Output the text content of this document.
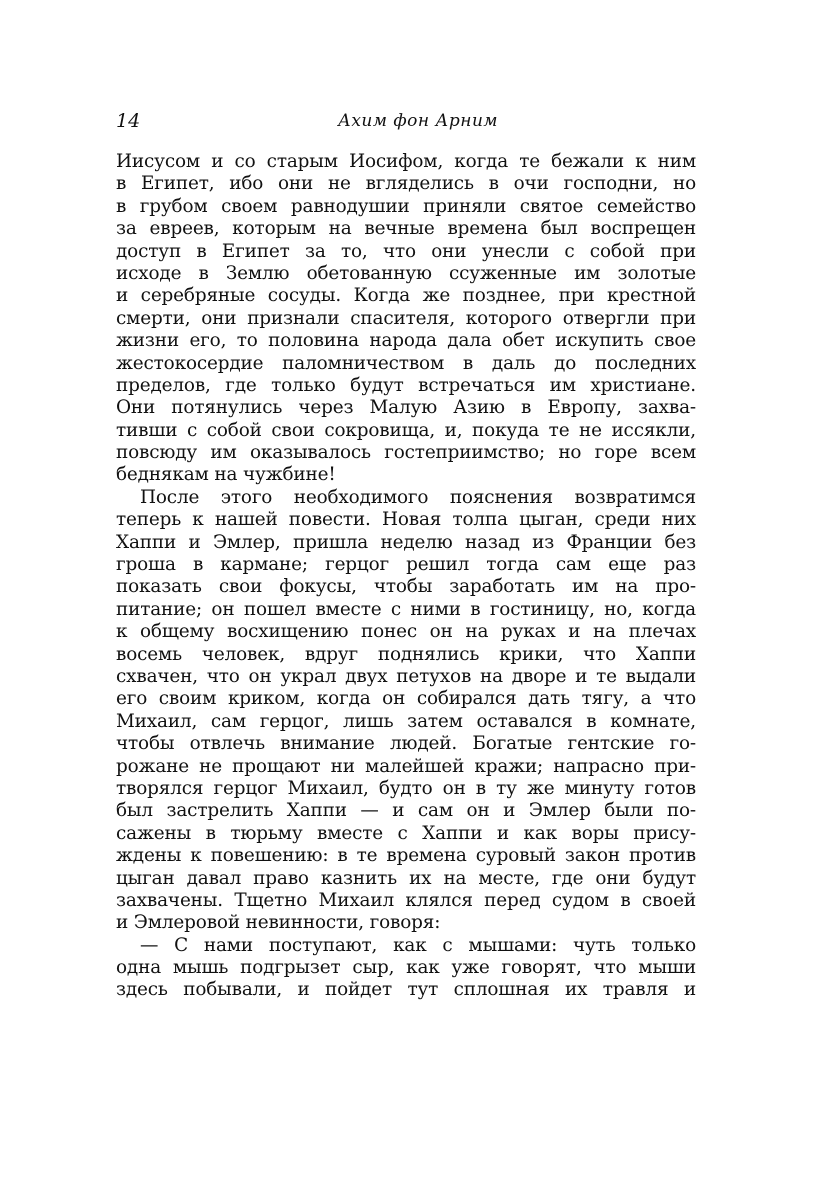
14	Ахим фон Арним
Иисусом и со старым Иосифом, когда те бежали к ним
в Египет, ибо они не вгляделись в очи господни, но
в грубом своем равнодушии приняли святое семейство
за евреев, которым на вечные времена был воспрещен
доступ в Египет за то, что они унесли с собой при
исходе в Землю обетованную ссуженные им золотые
и серебряные сосуды. Когда же позднее, при крестной
смерти, они признали спасителя, которого отвергли при
жизни его, то половина народа дала обет искупить свое
жестокосердие паломничеством в даль до последних
пределов, где только будут встречаться им христиане.
Они потянулись через Малую Азию в Европу, захва-
тивши с собой свои сокровища, и, покуда те не иссякли,
повсюду им оказывалось гостеприимство; но горе всем
беднякам на чужбине!
После этого необходимого пояснения возвратимся
теперь к нашей повести. Новая толпа цыган, среди них
Хаппи и Эмлер, пришла неделю назад из Франции без
гроша в кармане; герцог решил тогда сам еще раз
показать свои фокусы, чтобы заработать им на про-
питание; он пошел вместе с ними в гостиницу, но, когда
к общему восхищению понес он на руках и на плечах
восемь человек, вдруг поднялись крики, что Хаппи
схвачен, что он украл двух петухов на дворе и те выдали
его своим криком, когда он собирался дать тягу, а что
Михаил, сам герцог, лишь затем оставался в комнате,
чтобы отвлечь внимание людей. Богатые гентские го-
рожане не прощают ни малейшей кражи; напрасно при-
творялся герцог Михаил, будто он в ту же минуту готов
был застрелить Хаппи — и сам он и Эмлер были по-
сажены в тюрьму вместе с Хаппи и как воры прису-
ждены к повешению: в те времена суровый закон против
цыган давал право казнить их на месте, где они будут
захвачены. Тщетно Михаил клялся перед судом в своей
и Эмлеровой невинности, говоря:
— С нами поступают, как с мышами: чуть только
одна мышь подгрызет сыр, как уже говорят, что мыши
здесь побывали, и пойдет тут сплошная их травля и
